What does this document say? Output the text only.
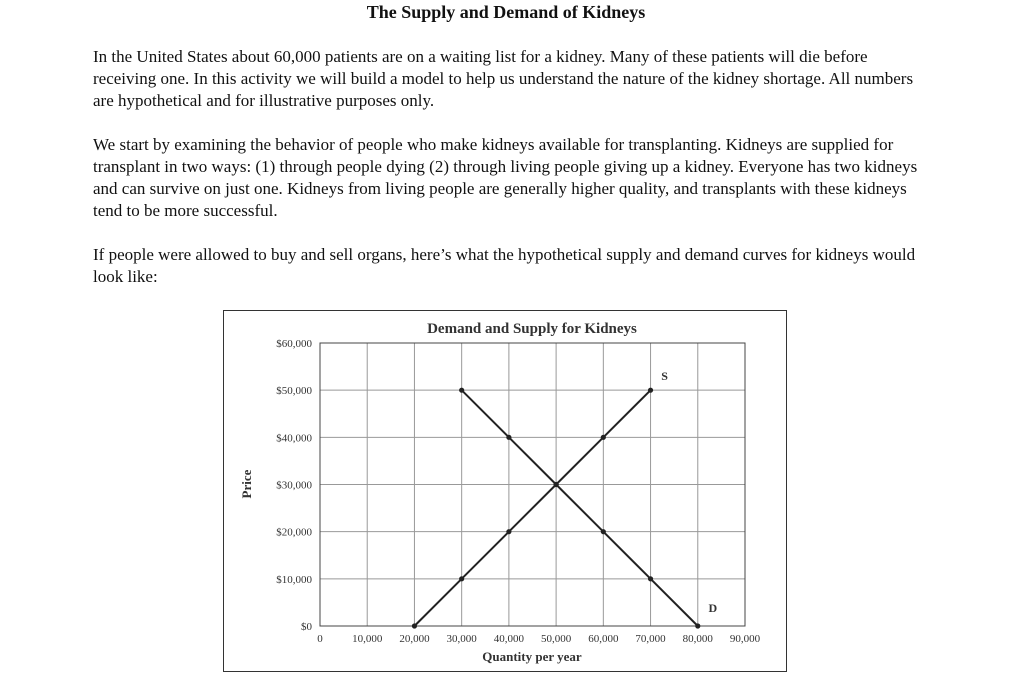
The Supply and Demand of Kidneys

In the United States about 60,000 patients are on a waiting list for a kidney. Many of these patients will die before receiving one. In this activity we will build a model to help us understand the nature of the kidney shortage. All numbers are hypothetical and for illustrative purposes only.

We start by examining the behavior of people who make kidneys available for transplanting. Kidneys are supplied for transplant in two ways: (1) through people dying (2) through living people giving up a kidney. Everyone has two kidneys and can survive on just one. Kidneys from living people are generally higher quality, and transplants with these kidneys tend to be more successful.

If people were allowed to buy and sell organs, here’s what the hypothetical supply and demand curves for kidneys would look like:

Demand and Supply for Kidneys
Price
Quantity per year
0	10,000 20,000 30,000 40,000 50,000 60,000 70,000 80,000 90,000
$0
$10,000
$20,000
$30,000
$40,000
$50,000
$60,000
S
D
